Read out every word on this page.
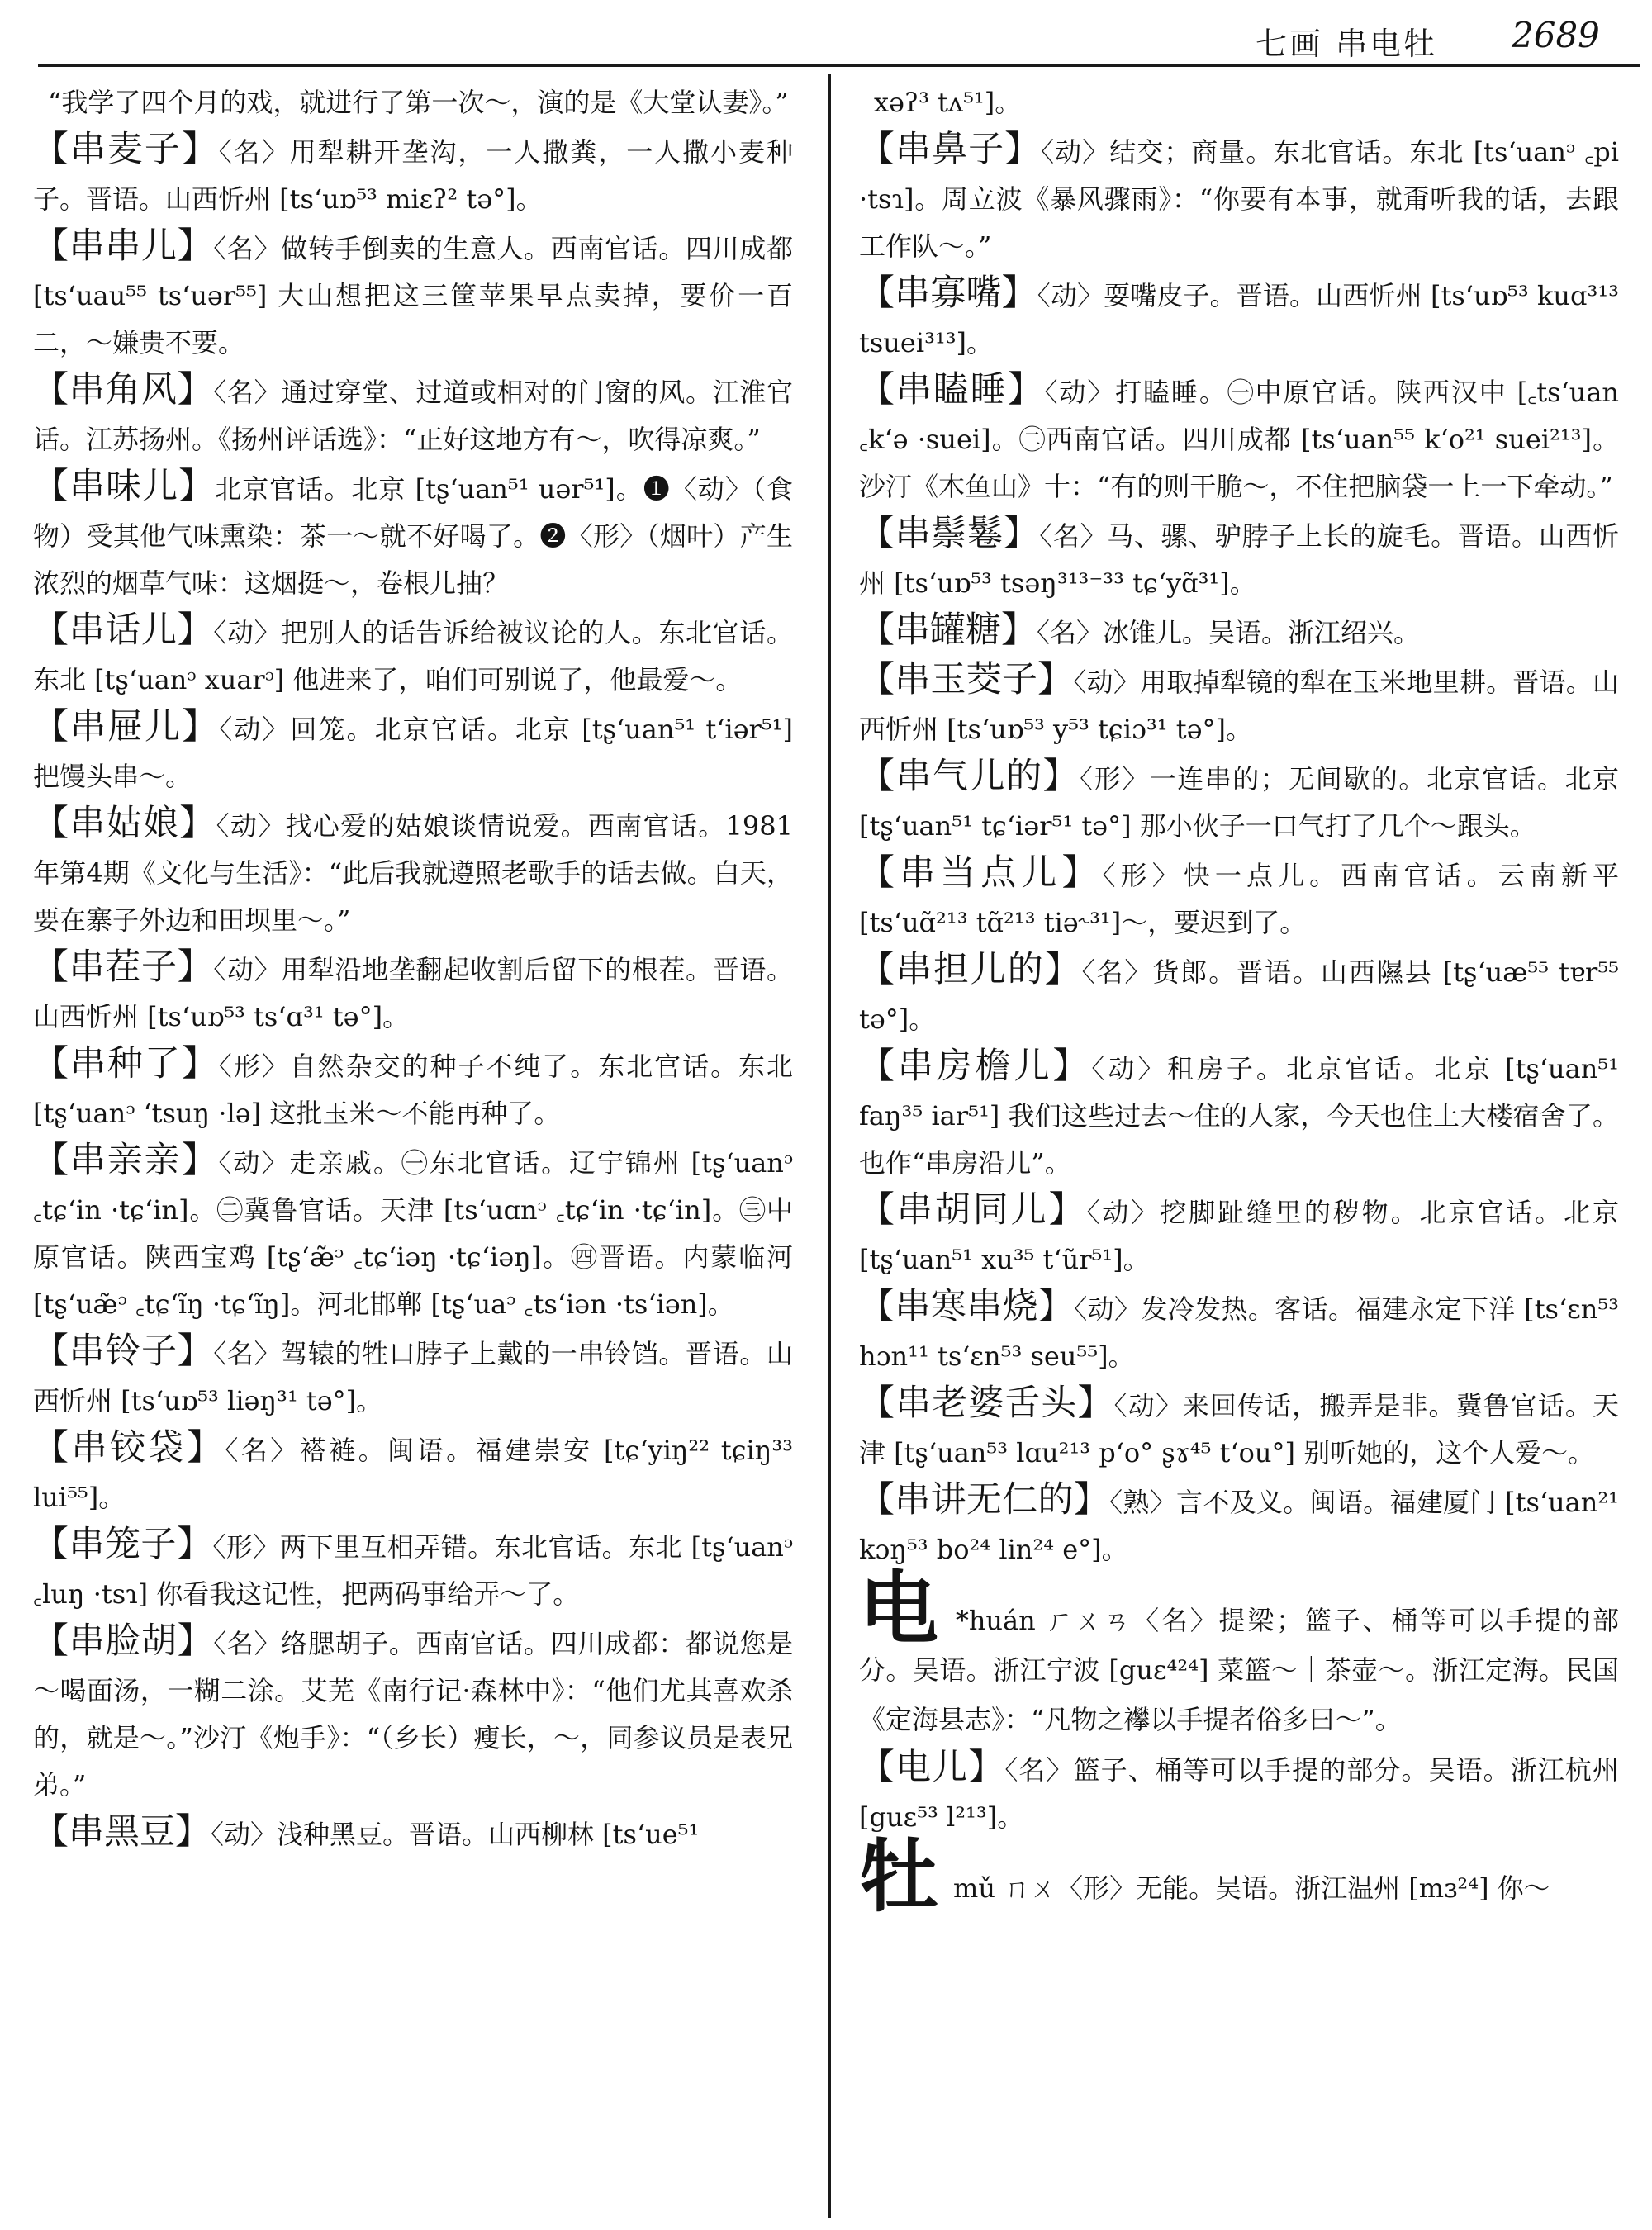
七画 串电牡 2689

“我学了四个月的戏，就进行了第一次～，演的是《大堂认妻》。”

【串麦子】〈名〉用犁耕开垄沟，一人撒粪，一人撒小麦种子。晋语。山西忻州 [tsʻuɒ⁵³ miɛʔ² tə°]。

【串串儿】〈名〉做转手倒卖的生意人。西南官话。四川成都 [tsʻuau⁵⁵ tsʻuər⁵⁵] 大山想把这三筐苹果早点卖掉，要价一百二，～嫌贵不要。

【串角风】〈名〉通过穿堂、过道或相对的门窗的风。江淮官话。江苏扬州。《扬州评话选》：“正好这地方有～，吹得凉爽。”

【串味儿】北京官话。北京 [tʂʻuan⁵¹ uər⁵¹]。❶〈动〉（食物）受其他气味熏染：茶一～就不好喝了。❷〈形〉（烟叶）产生浓烈的烟草气味：这烟挺～，卷根儿抽？

【串话儿】〈动〉把别人的话告诉给被议论的人。东北官话。东北 [tʂʻuanᵓ xuarᵓ] 他进来了，咱们可别说了，他最爱～。

【串屉儿】〈动〉回笼。北京官话。北京 [tʂʻuan⁵¹ tʻiər⁵¹] 把馒头串～。

【串姑娘】〈动〉找心爱的姑娘谈情说爱。西南官话。1981年第4期《文化与生活》：“此后我就遵照老歌手的话去做。白天，要在寨子外边和田坝里～。”

【串茬子】〈动〉用犁沿地垄翻起收割后留下的根茬。晋语。山西忻州 [tsʻuɒ⁵³ tsʻɑ³¹ tə°]。

【串种了】〈形〉自然杂交的种子不纯了。东北官话。东北 [tʂʻuanᵓ ʻtsuŋ ·lə] 这批玉米～不能再种了。

【串亲亲】〈动〉走亲戚。㊀东北官话。辽宁锦州 [tʂʻuanᵓ ꜀tɕʻin ·tɕʻin]。㊁冀鲁官话。天津 [tsʻuɑnᵓ ꜀tɕʻin ·tɕʻin]。㊂中原官话。陕西宝鸡 [tʂʻæ̃ᵓ ꜀tɕʻiəŋ ·tɕʻiəŋ]。㊃晋语。内蒙临河 [tʂʻuæ̃ᵓ ꜀tɕʻĩŋ ·tɕʻĩŋ]。河北邯郸 [tʂʻuaᵓ ꜀tsʻiən ·tsʻiən]。

【串铃子】〈名〉驾辕的牲口脖子上戴的一串铃铛。晋语。山西忻州 [tsʻuɒ⁵³ liəŋ³¹ tə°]。

【串铰袋】〈名〉褡裢。闽语。福建崇安 [tɕʻyiŋ²² tɕiŋ³³ lui⁵⁵]。

【串笼子】〈形〉两下里互相弄错。东北官话。东北 [tʂʻuanᵓ ꜀luŋ ·tsɿ] 你看我这记性，把两码事给弄～了。

【串脸胡】〈名〉络腮胡子。西南官话。四川成都：都说您是～喝面汤，一糊二涂。艾芜《南行记·森林中》：“他们尤其喜欢杀的，就是～。”沙汀《炮手》：“（乡长）瘦长，～，同参议员是表兄弟。”

【串黑豆】〈动〉浅种黑豆。晋语。山西柳林 [tsʻue⁵¹

xəʔ³ tʌ⁵¹]。

【串鼻子】〈动〉结交；商量。东北官话。东北 [tsʻuanᵓ ꜀pi ·tsɿ]。周立波《暴风骤雨》：“你要有本事，就甭听我的话，去跟工作队～。”

【串寡嘴】〈动〉耍嘴皮子。晋语。山西忻州 [tsʻuɒ⁵³ kuɑ³¹³ tsuei³¹³]。

【串瞌睡】〈动〉打瞌睡。㊀中原官话。陕西汉中 [꜀tsʻuan ꜀kʻə ·suei]。㊁西南官话。四川成都 [tsʻuan⁵⁵ kʻo²¹ suei²¹³]。沙汀《木鱼山》十：“有的则干脆～，不住把脑袋一上一下牵动。”

【串鬃鬈】〈名〉马、骡、驴脖子上长的旋毛。晋语。山西忻州 [tsʻuɒ⁵³ tsəŋ³¹³⁻³³ tɕʻyɑ̃³¹]。

【串罐糖】〈名〉冰锥儿。吴语。浙江绍兴。

【串玉茭子】〈动〉用取掉犁镜的犁在玉米地里耕。晋语。山西忻州 [tsʻuɒ⁵³ y⁵³ tɕiɔ³¹ tə°]。

【串气儿的】〈形〉一连串的；无间歇的。北京官话。北京 [tʂʻuan⁵¹ tɕʻiər⁵¹ tə°] 那小伙子一口气打了几个～跟头。

【串当点儿】〈形〉快一点儿。西南官话。云南新平 [tsʻuɑ̃²¹³ tɑ̃²¹³ tiə˞³¹]～，要迟到了。

【串担儿的】〈名〉货郎。晋语。山西隰县 [tʂʻuæ⁵⁵ tɐr⁵⁵ tə°]。

【串房檐儿】〈动〉租房子。北京官话。北京 [tʂʻuan⁵¹ faŋ³⁵ iar⁵¹] 我们这些过去～住的人家，今天也住上大楼宿舍了。也作“串房沿儿”。

【串胡同儿】〈动〉挖脚趾缝里的秽物。北京官话。北京 [tʂʻuan⁵¹ xu³⁵ tʻũr⁵¹]。

【串寒串烧】〈动〉发冷发热。客话。福建永定下洋 [tsʻɛn⁵³ hɔn¹¹ tsʻɛn⁵³ seu⁵⁵]。

【串老婆舌头】〈动〉来回传话，搬弄是非。冀鲁官话。天津 [tʂʻuan⁵³ lɑu²¹³ pʻo° ʂɤ⁴⁵ tʻou°] 别听她的，这个人爱～。

【串讲无仁的】〈熟〉言不及义。闽语。福建厦门 [tsʻuan²¹ kɔŋ⁵³ bo²⁴ lin²⁴ e°]。

电 *huán ㄏㄨㄢ〈名〉提梁；篮子、桶等可以手提的部分。吴语。浙江宁波 [guɛ⁴²⁴] 菜篮～｜茶壶～。浙江定海。民国《定海县志》：“凡物之襻以手提者俗多曰～”。

【电儿】〈名〉篮子、桶等可以手提的部分。吴语。浙江杭州 [guɛ⁵³ l²¹³]。

牡mǔ ㄇㄨ〈形〉无能。吴语。浙江温州 [mɜ²⁴] 你～
